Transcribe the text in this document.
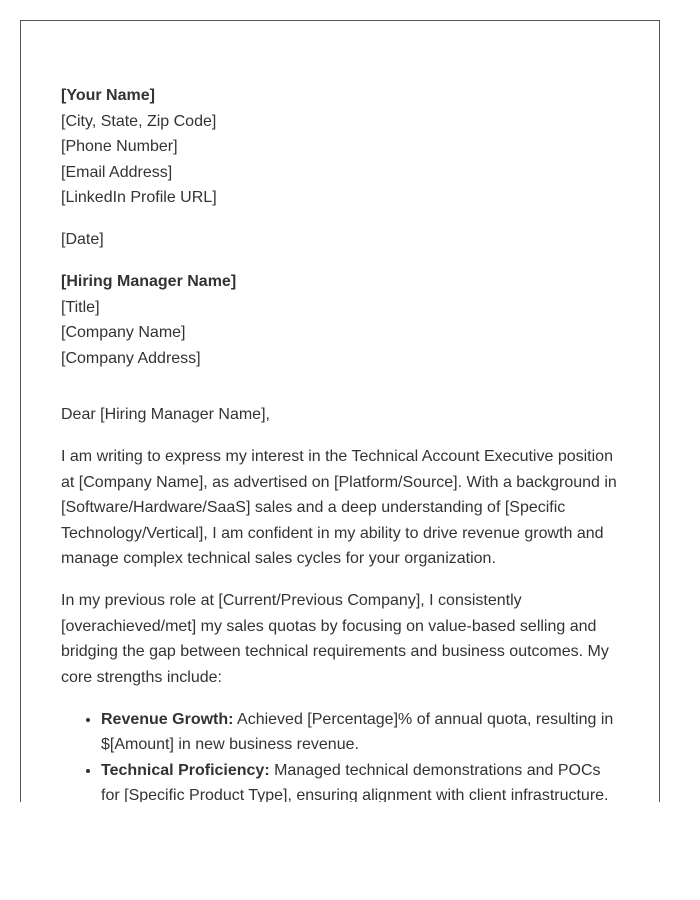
[Your Name]
[City, State, Zip Code]
[Phone Number]
[Email Address]
[LinkedIn Profile URL]
[Date]
[Hiring Manager Name]
[Title]
[Company Name]
[Company Address]

Dear [Hiring Manager Name],

I am writing to express my interest in the Technical Account Executive position at [Company Name], as advertised on [Platform/Source]. With a background in [Software/Hardware/SaaS] sales and a deep understanding of [Specific Technology/Vertical], I am confident in my ability to drive revenue growth and manage complex technical sales cycles for your organization.

In my previous role at [Current/Previous Company], I consistently [overachieved/met] my sales quotas by focusing on value-based selling and bridging the gap between technical requirements and business outcomes. My core strengths include:

• Revenue Growth: Achieved [Percentage]% of annual quota, resulting in $[Amount] in new business revenue.
• Technical Proficiency: Managed technical demonstrations and POCs for [Specific Product Type], ensuring alignment with client infrastructure.
